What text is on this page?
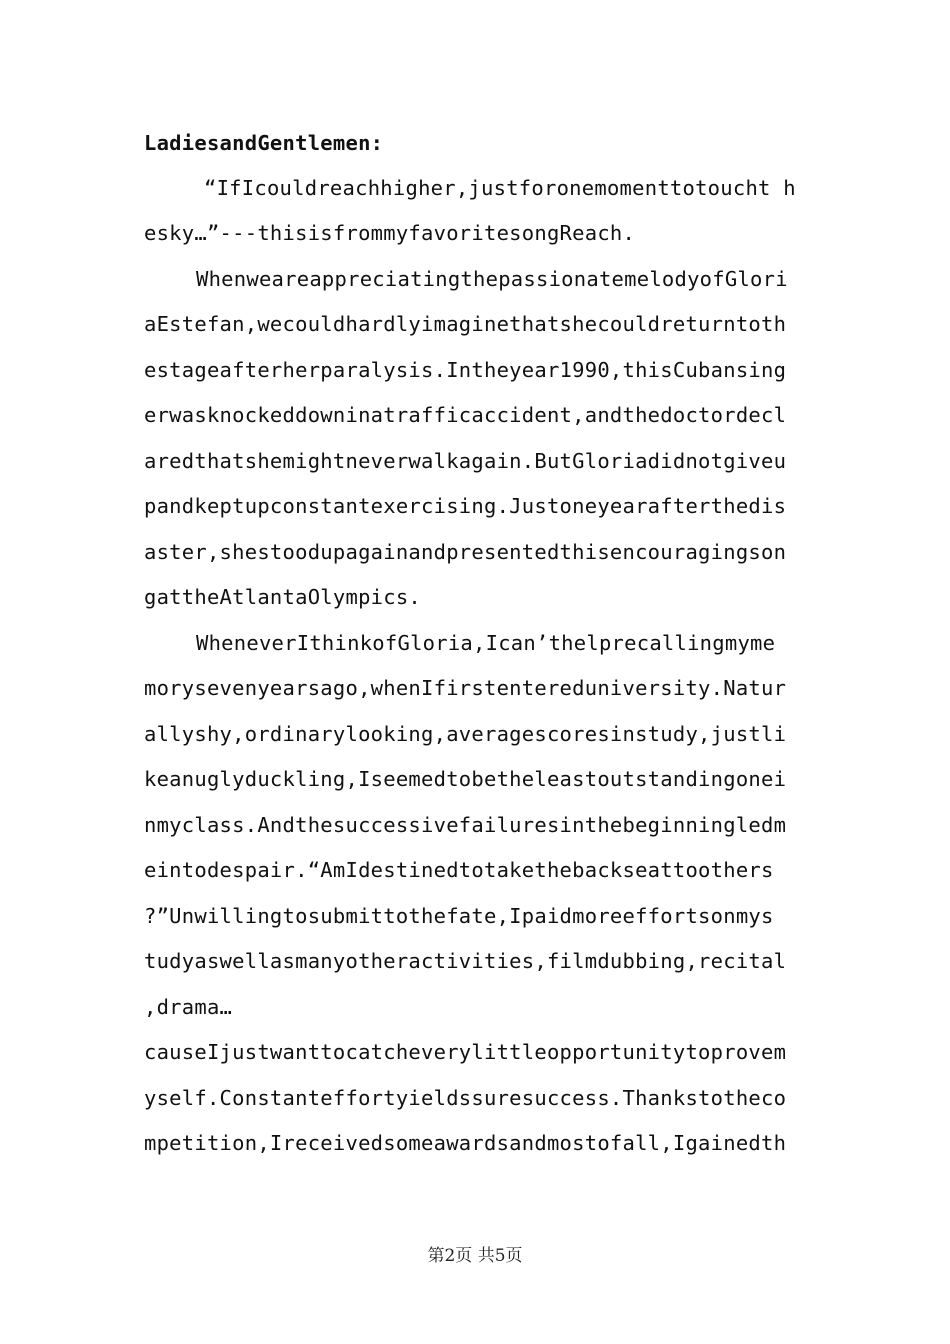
LadiesandGentlemen:
“IfIcouldreachhigher,justforonemomenttotoucht h
esky…”---thisisfrommyfavoritesongReach.
WhenweareappreciatingthepassionatemelodyofGlori
aEstefan,wecouldhardlyimaginethatshecouldreturntoth
estageafterherparalysis.Intheyear1990,thisCubansing
erwasknockeddowninatrafficaccident,andthedoctordecl
aredthatshemightneverwalkagain.ButGloriadidnotgiveu
pandkeptupconstantexercising.Justoneyearafterthedis
aster,shestoodupagainandpresentedthisencouragingson
gattheAtlantaOlympics.
WheneverIthinkofGloria,Ican’thelprecallingmyme
morysevenyearsago,whenIfirstentereduniversity.Natur
allyshy,ordinarylooking,averagescoresinstudy,justli
keanuglyduckling,Iseemedtobetheleastoutstandingonei
nmyclass.Andthesuccessivefailuresinthebeginningledm
eintodespair.“AmIdestinedtotakethebackseattoothers
?”Unwillingtosubmittothefate,Ipaidmoreeffortsonmys
tudyaswellasmanyotheractivities,filmdubbing,recital
,drama…
causeIjustwanttocatcheverylittleopportunitytoprovem
yself.Constanteffortyieldssuresuccess.Thankstotheco
mpetition,Ireceivedsomeawardsandmostofall,Igainedth
第2页 共5页
